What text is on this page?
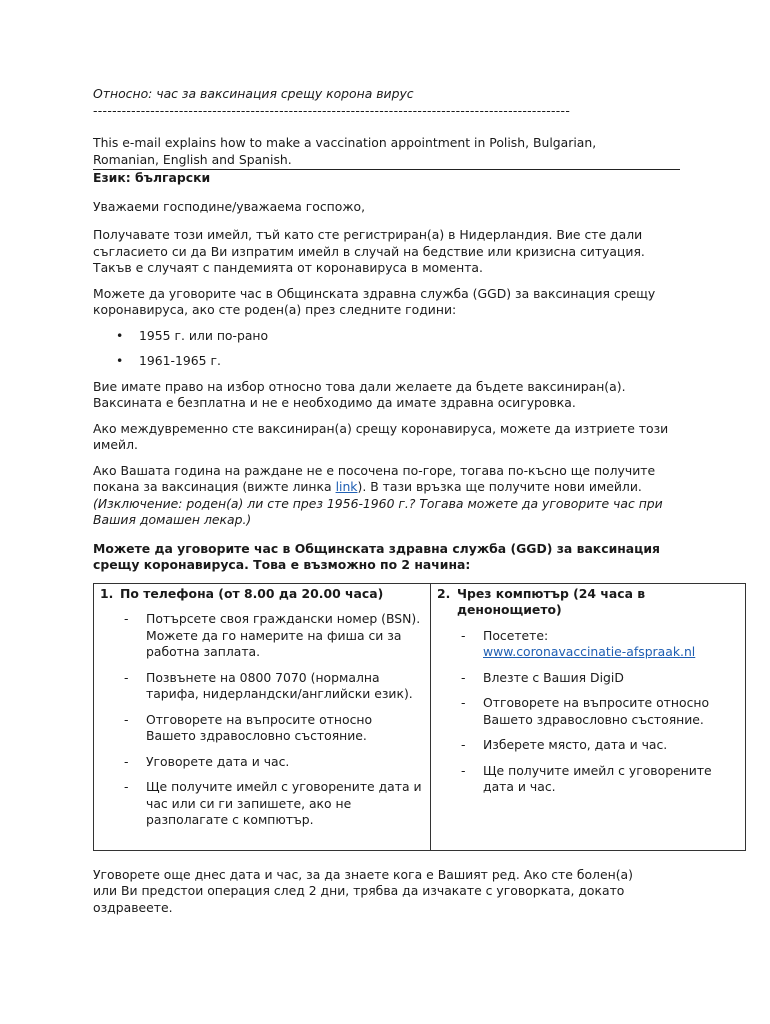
Относно: час за ваксинация срещу корона вирус

----------------------------------------------------------------------------------------------------

This e-mail explains how to make a vaccination appointment in Polish, Bulgarian, Romanian, English and Spanish.

Език: български

Уважаеми господине/уважаема госпожо,

Получавате този имейл, тъй като сте регистриран(а) в Нидерландия. Вие сте дали съгласието си да Ви изпратим имейл в случай на бедствие или кризисна ситуация. Такъв е случаят с пандемията от коронавируса в момента.

Можете да уговорите час в Общинската здравна служба (GGD) за ваксинация срещу коронавируса, ако сте роден(а) през следните години:

• 1955 г. или по-рано
• 1961-1965 г.

Вие имате право на избор относно това дали желаете да бъдете ваксиниран(а). Ваксината е безплатна и не е необходимо да имате здравна осигуровка.

Ако междувременно сте ваксиниран(а) срещу коронавируса, можете да изтриете този имейл.

Ако Вашата година на раждане не е посочена по-горе, тогава по-късно ще получите покана за ваксинация (вижте линка link). В тази връзка ще получите нови имейли.

(Изключение: роден(а) ли сте през 1956-1960 г.? Тогава можете да уговорите час при Вашия домашен лекар.)

Можете да уговорите час в Общинската здравна служба (GGD) за ваксинация срещу коронавируса. Това е възможно по 2 начина:

1. По телефона (от 8.00 да 20.00 часа)
- Потърсете своя граждански номер (BSN). Можете да го намерите на фиша си за работна заплата.
- Позвънете на 0800 7070 (нормална тарифа, нидерландски/английски език).
- Отговорете на въпросите относно Вашето здравословно състояние.
- Уговорете дата и час.
- Ще получите имейл с уговорените дата и час или си ги запишете, ако не разполагате с компютър.

2. Чрез компютър (24 часа в денонощието)
- Посетете:
www.coronavaccinatie-afspraak.nl
- Влезте с Вашия DigiD
- Отговорете на въпросите относно Вашето здравословно състояние.
- Изберете място, дата и час.
- Ще получите имейл с уговорените дата и час.

Уговорете още днес дата и час, за да знаете кога е Вашият ред. Ако сте болен(а) или Ви предстои операция след 2 дни, трябва да изчакате с уговорката, докато оздравеете.
